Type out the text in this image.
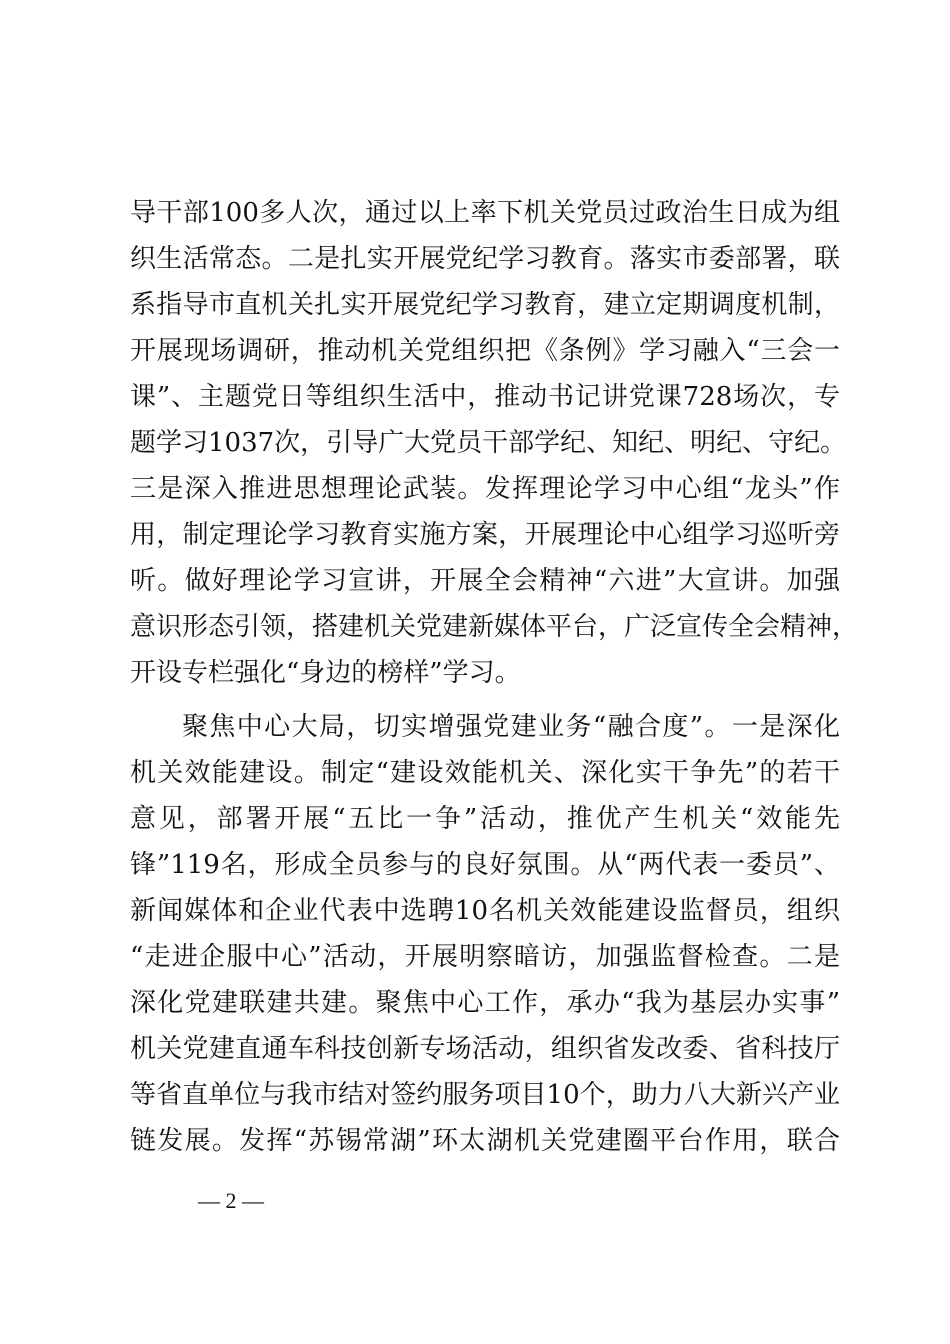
导干部100多人次，通过以上率下机关党员过政治生日成为组
织生活常态。二是扎实开展党纪学习教育。落实市委部署，联
系指导市直机关扎实开展党纪学习教育，建立定期调度机制，
开展现场调研，推动机关党组织把《条例》学习融入“三会一
课”、主题党日等组织生活中，推动书记讲党课728场次，专
题学习1037次，引导广大党员干部学纪、知纪、明纪、守纪。
三是深入推进思想理论武装。发挥理论学习中心组“龙头”作
用，制定理论学习教育实施方案，开展理论中心组学习巡听旁
听。做好理论学习宣讲，开展全会精神“六进”大宣讲。加强
意识形态引领，搭建机关党建新媒体平台，广泛宣传全会精神，
开设专栏强化“身边的榜样”学习。
聚焦中心大局，切实增强党建业务“融合度”。一是深化
机关效能建设。制定“建设效能机关、深化实干争先”的若干
意见，部署开展“五比一争”活动，推优产生机关“效能先
锋”119名，形成全员参与的良好氛围。从“两代表一委员”、
新闻媒体和企业代表中选聘10名机关效能建设监督员，组织
“走进企服中心”活动，开展明察暗访，加强监督检查。二是
深化党建联建共建。聚焦中心工作，承办“我为基层办实事”
机关党建直通车科技创新专场活动，组织省发改委、省科技厅
等省直单位与我市结对签约服务项目10个，助力八大新兴产业
链发展。发挥“苏锡常湖”环太湖机关党建圈平台作用，联合
— 2 —
